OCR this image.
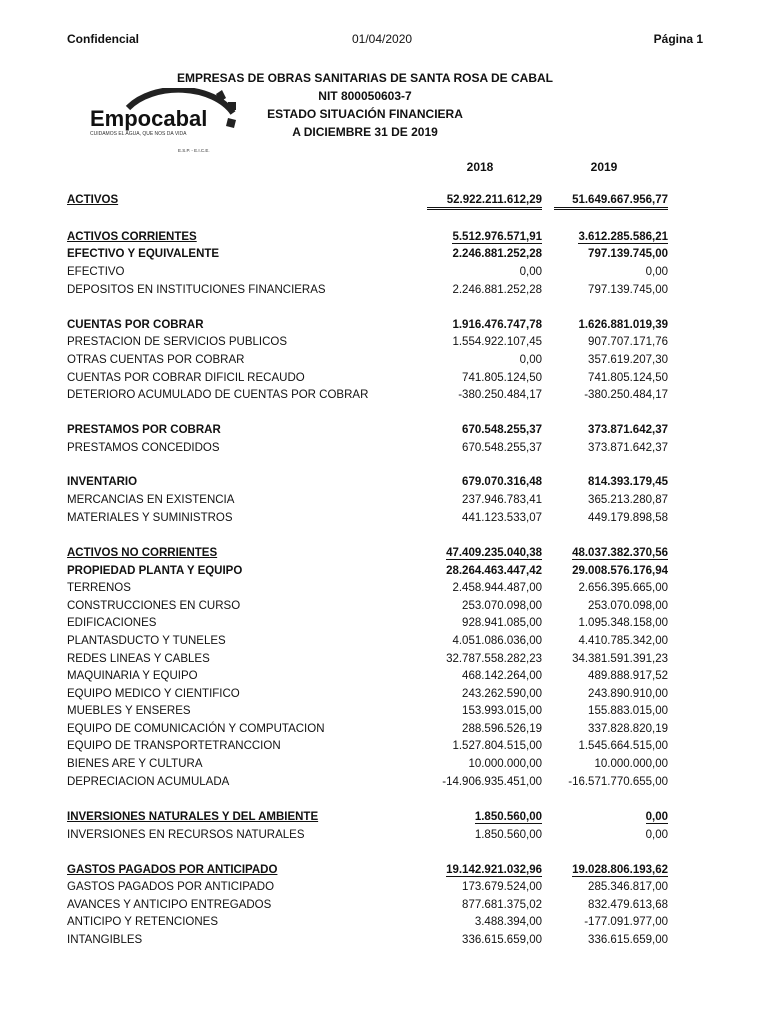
Confidencial	01/04/2020	Página 1
EMPRESAS DE OBRAS SANITARIAS DE SANTA ROSA DE CABAL
NIT 800050603-7
ESTADO SITUACIÓN FINANCIERA
A DICIEMBRE 31 DE 2019
Empocabal
CUIDAMOS EL AGUA, QUE NOS DA VIDA
E.S.P. - E.I.C.E.
2018	2019
ACTIVOS	52.922.211.612,29	51.649.667.956,77
ACTIVOS CORRIENTES	5.512.976.571,91	3.612.285.586,21
EFECTIVO Y EQUIVALENTE	2.246.881.252,28	797.139.745,00
EFECTIVO	0,00	0,00
DEPOSITOS EN INSTITUCIONES FINANCIERAS	2.246.881.252,28	797.139.745,00
CUENTAS POR COBRAR	1.916.476.747,78	1.626.881.019,39
PRESTACION DE SERVICIOS PUBLICOS	1.554.922.107,45	907.707.171,76
OTRAS CUENTAS POR COBRAR	0,00	357.619.207,30
CUENTAS POR COBRAR DIFICIL RECAUDO	741.805.124,50	741.805.124,50
DETERIORO ACUMULADO DE CUENTAS POR COBRAR	-380.250.484,17	-380.250.484,17
PRESTAMOS POR COBRAR	670.548.255,37	373.871.642,37
PRESTAMOS CONCEDIDOS	670.548.255,37	373.871.642,37
INVENTARIO	679.070.316,48	814.393.179,45
MERCANCIAS EN EXISTENCIA	237.946.783,41	365.213.280,87
MATERIALES Y SUMINISTROS	441.123.533,07	449.179.898,58
ACTIVOS NO CORRIENTES	47.409.235.040,38	48.037.382.370,56
PROPIEDAD PLANTA Y EQUIPO	28.264.463.447,42	29.008.576.176,94
TERRENOS	2.458.944.487,00	2.656.395.665,00
CONSTRUCCIONES EN CURSO	253.070.098,00	253.070.098,00
EDIFICACIONES	928.941.085,00	1.095.348.158,00
PLANTASDUCTO Y TUNELES	4.051.086.036,00	4.410.785.342,00
REDES LINEAS Y CABLES	32.787.558.282,23	34.381.591.391,23
MAQUINARIA Y EQUIPO	468.142.264,00	489.888.917,52
EQUIPO MEDICO Y CIENTIFICO	243.262.590,00	243.890.910,00
MUEBLES Y ENSERES	153.993.015,00	155.883.015,00
EQUIPO DE COMUNICACIÓN Y COMPUTACION	288.596.526,19	337.828.820,19
EQUIPO DE TRANSPORTETRANCCION	1.527.804.515,00	1.545.664.515,00
BIENES ARE Y CULTURA	10.000.000,00	10.000.000,00
DEPRECIACION ACUMULADA	-14.906.935.451,00 -16.571.770.655,00
INVERSIONES NATURALES Y DEL AMBIENTE	1.850.560,00	0,00
INVERSIONES EN RECURSOS NATURALES	1.850.560,00	0,00
GASTOS PAGADOS POR ANTICIPADO	19.142.921.032,96	19.028.806.193,62
GASTOS PAGADOS POR ANTICIPADO	173.679.524,00	285.346.817,00
AVANCES Y ANTICIPO ENTREGADOS	877.681.375,02	832.479.613,68
ANTICIPO Y RETENCIONES	3.488.394,00	-177.091.977,00
INTANGIBLES	336.615.659,00	336.615.659,00
